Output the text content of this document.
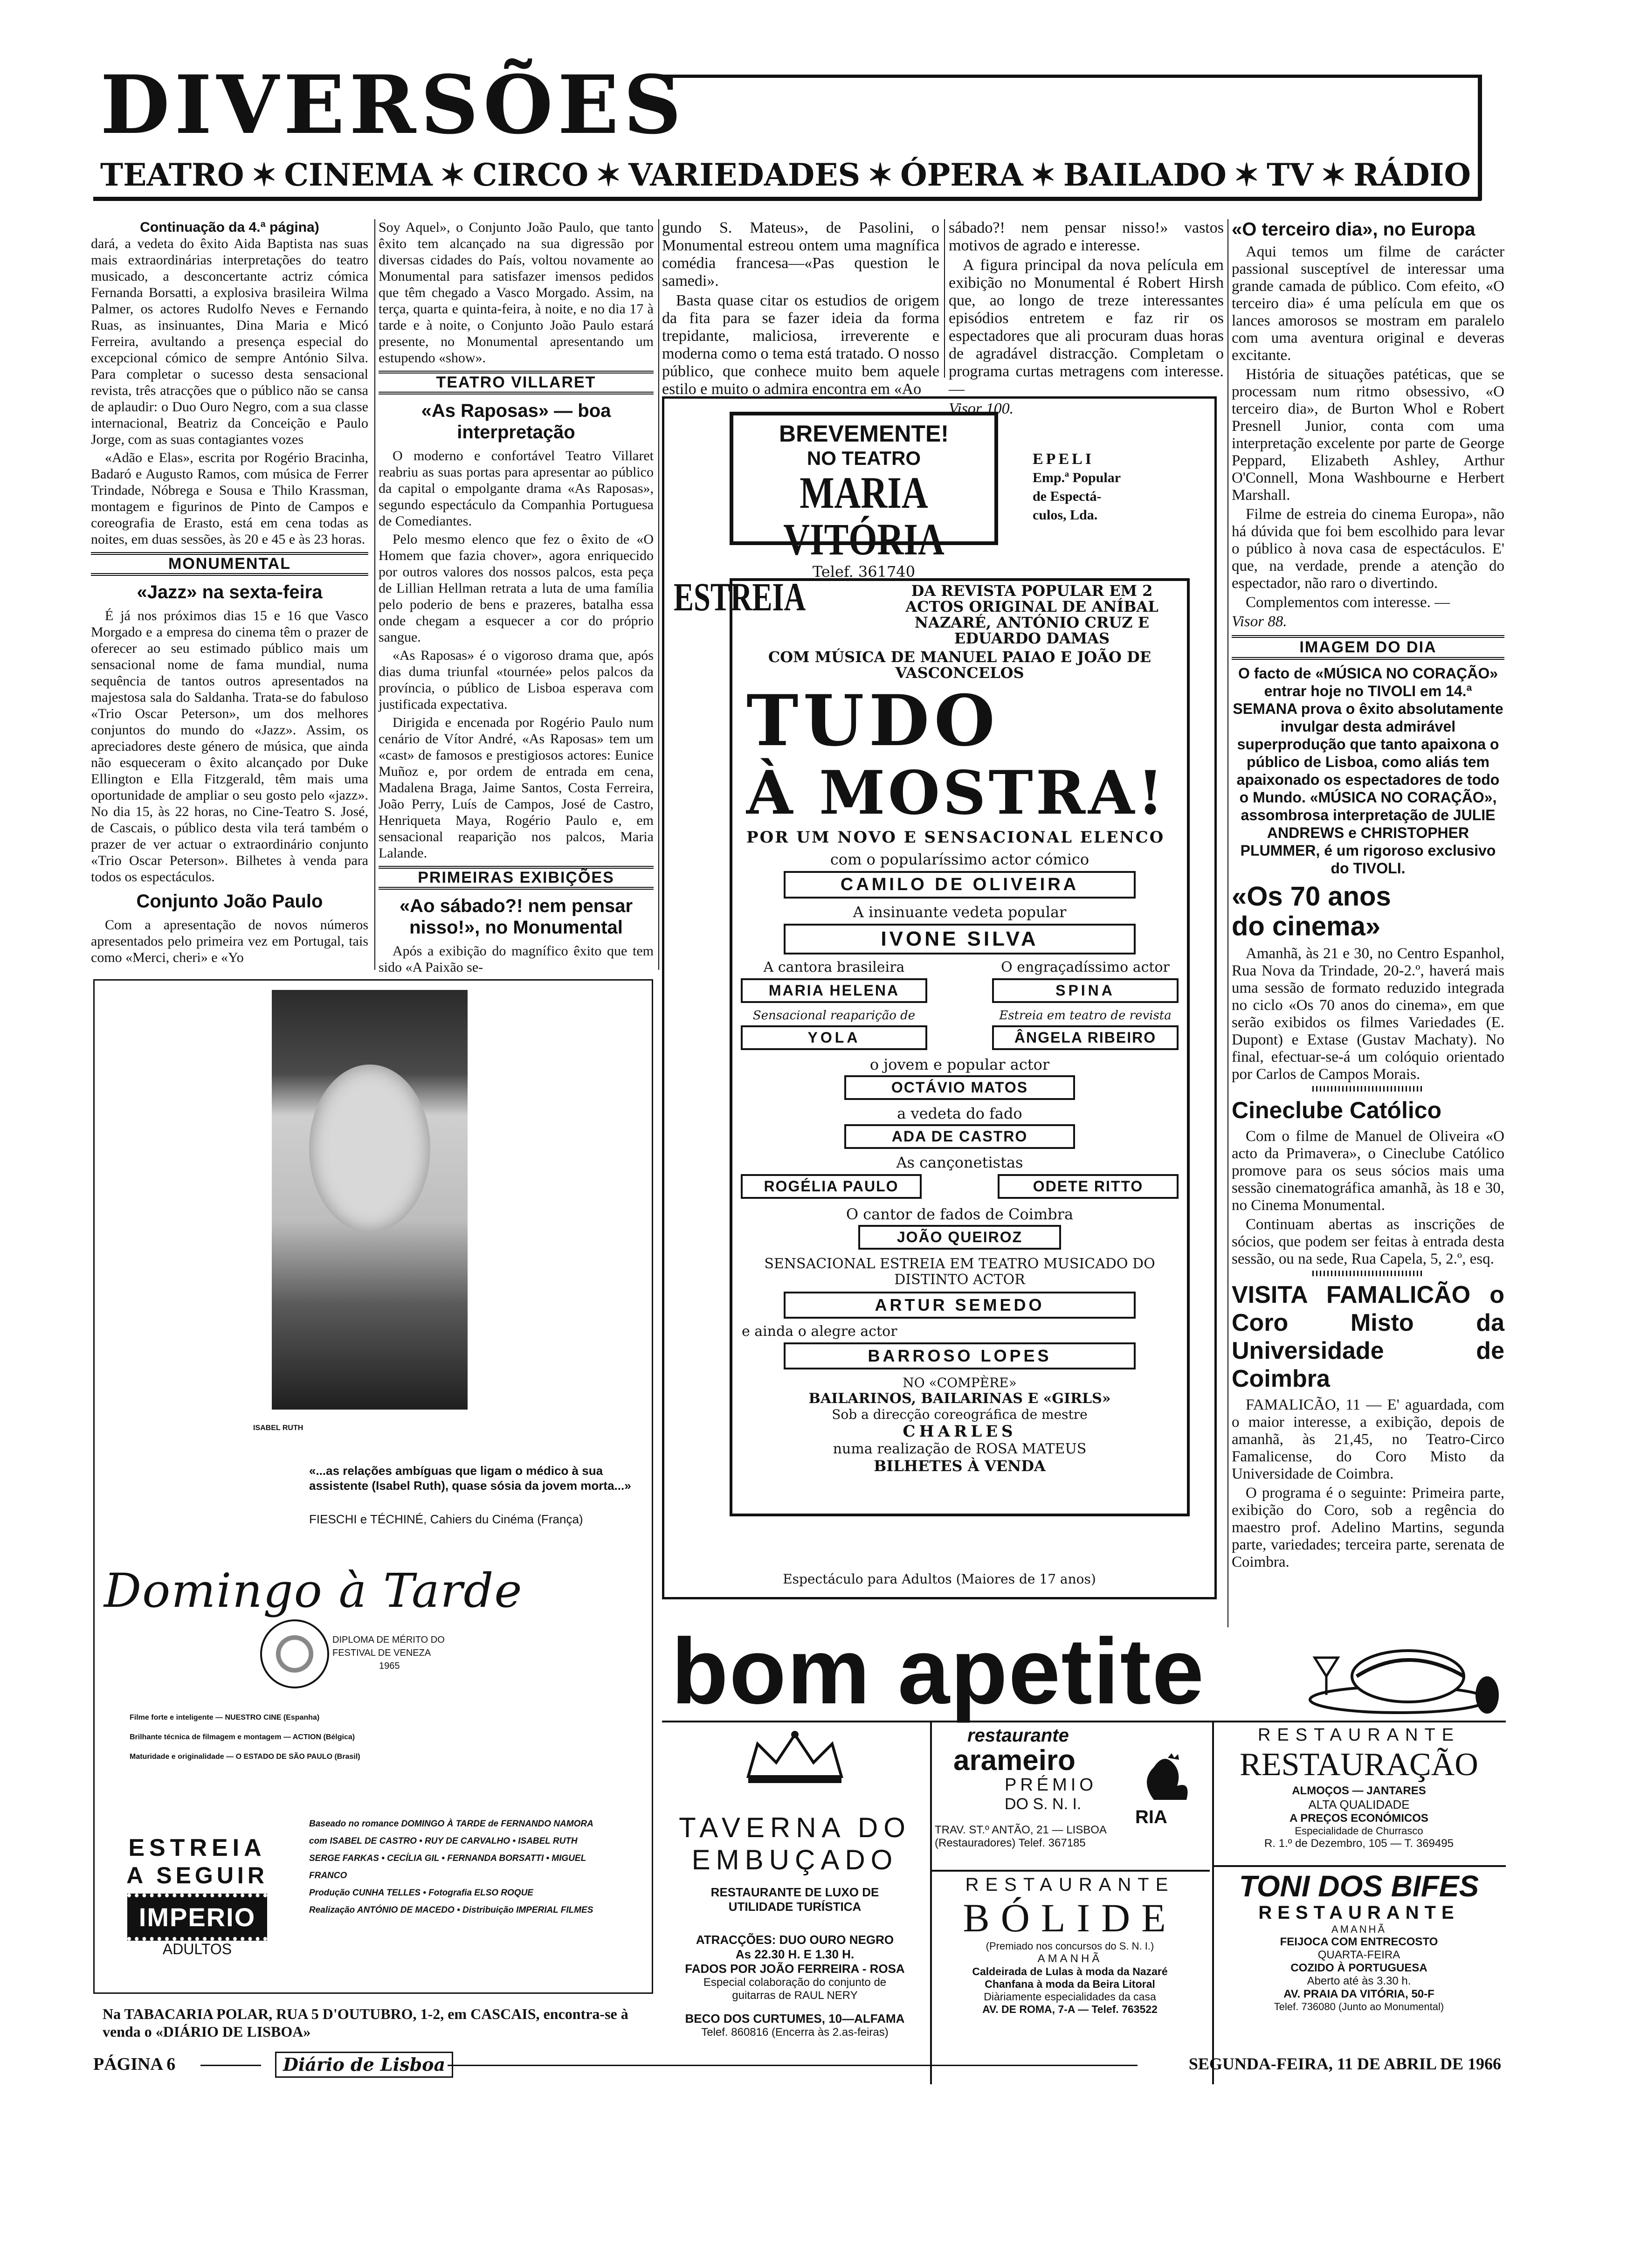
DIVERSÕES
TEATRO ✶ CINEMA ✶ CIRCO ✶ VARIEDADES ✶ ÓPERA ✶ BAILADO ✶ TV ✶ RÁDIO
Continuação da 4.ª página)

dará, a vedeta do êxito Aida Baptista nas suas mais extraordinárias interpretações do teatro musicado, a desconcertante actriz cómica Fernanda Borsatti, a explosiva brasileira Wilma Palmer, os actores Rudolfo Neves e Fernando Ruas, as insinuantes, Dina Maria e Micó Ferreira, avultando a presença especial do excepcional cómico de sempre António Silva. Para completar o sucesso desta sensacional revista, três atracções que o público não se cansa de aplaudir: o Duo Ouro Negro, com a sua classe internacional, Beatriz da Conceição e Paulo Jorge, com as suas contagiantes vozes

«Adão e Elas», escrita por Rogério Bracinha, Badaró e Augusto Ramos, com música de Ferrer Trindade, Nóbrega e Sousa e Thilo Krassman, montagem e figurinos de Pinto de Campos e coreografia de Erasto, está em cena todas as noites, em duas sessões, às 20 e 45 e às 23 horas.

MONUMENTAL
«Jazz» na sexta-feira

É já nos próximos dias 15 e 16 que Vasco Morgado e a empresa do cinema têm o prazer de oferecer ao seu estimado público mais um sensacional nome de fama mundial, numa sequência de tantos outros apresentados na majestosa sala do Saldanha. Trata-se do fabuloso «Trio Oscar Peterson», um dos melhores conjuntos do mundo do «Jazz». Assim, os apreciadores deste género de música, que ainda não esqueceram o êxito alcançado por Duke Ellington e Ella Fitzgerald, têm mais uma oportunidade de ampliar o seu gosto pelo «jazz». No dia 15, às 22 horas, no Cine-Teatro S. José, de Cascais, o público desta vila terá também o prazer de ver actuar o extraordinário conjunto «Trio Oscar Peterson». Bilhetes à venda para todos os espectáculos.

Conjunto João Paulo

Com a apresentação de novos números apresentados pelo primeira vez em Portugal, tais como «Merci, cheri» e «Yo

Soy Aquel», o Conjunto João Paulo, que tanto êxito tem alcançado na sua digressão por diversas cidades do País, voltou novamente ao Monumental para satisfazer imensos pedidos que têm chegado a Vasco Morgado. Assim, na terça, quarta e quinta-feira, à noite, e no dia 17 à tarde e à noite, o Conjunto João Paulo estará presente, no Monumental apresentando um estupendo «show».

TEATRO VILLARET
«As Raposas» — boa interpretação

O moderno e confortável Teatro Villaret reabriu as suas portas para apresentar ao público da capital o empolgante drama «As Raposas», segundo espectáculo da Companhia Portuguesa de Comediantes.

Pelo mesmo elenco que fez o êxito de «O Homem que fazia chover», agora enriquecido por outros valores dos nossos palcos, esta peça de Lillian Hellman retrata a luta de uma família pelo poderio de bens e prazeres, batalha essa onde chegam a esquecer a cor do próprio sangue.

«As Raposas» é o vigoroso drama que, após dias duma triunfal «tournée» pelos palcos da província, o público de Lisboa esperava com justificada expectativa.

Dirigida e encenada por Rogério Paulo num cenário de Vítor André, «As Raposas» tem um «cast» de famosos e prestigiosos actores: Eunice Muñoz e, por ordem de entrada em cena, Madalena Braga, Jaime Santos, Costa Ferreira, João Perry, Luís de Campos, José de Castro, Henriqueta Maya, Rogério Paulo e, em sensacional reaparição nos palcos, Maria Lalande.

PRIMEIRAS EXIBIÇÕES
«Ao sábado?! nem pensar nisso!», no Monumental

Após a exibição do magnífico êxito que tem sido «A Paixão se-

gundo S. Mateus», de Pasolini, o Monumental estreou ontem uma magnífica comédia francesa—«Pas question le samedi».

Basta quase citar os estudios de origem da fita para se fazer ideia da forma trepidante, maliciosa, irreverente e moderna como o tema está tratado. O nosso público, que conhece muito bem aquele estilo e muito o admira encontra em «Ao

sábado?! nem pensar nisso!» vastos motivos de agrado e interesse.

A figura principal da nova película em exibição no Monumental é Robert Hirsh que, ao longo de treze interessantes episódios entretem e faz rir os espectadores que ali procuram duas horas de agradável distracção. Completam o programa curtas metragens com interesse. —

Visor 100.
BREVEMENTE!
NO TEATRO
MARIA VITÓRIA
Telef. 361740
EPELI
Emp.ª Popular
de Espectá-
culos, Lda.
ESTREIA	DA REVISTA POPULAR EM 2 ACTOS ORIGINAL DE ANÍBAL NAZARÉ, ANTÓNIO CRUZ E EDUARDO DAMAS
COM MÚSICA DE MANUEL PAIAO E JOÃO DE VASCONCELOS
TUDO
À MOSTRA!
POR UM NOVO E SENSACIONAL ELENCO
com o popularíssimo actor cómico
CAMILO DE OLIVEIRA
A insinuante vedeta popular
IVONE SILVA
A cantora brasileira
MARIA HELENA
O engraçadíssimo actor
SPINA
Sensacional reaparição de
YOLA
Estreia em teatro de revista
ÂNGELA RIBEIRO
o jovem e popular actor
OCTÁVIO MATOS
a vedeta do fado
ADA DE CASTRO
As cançonetistas
ROGÉLIA PAULO	ODETE RITTO
O cantor de fados de Coimbra
JOÃO QUEIROZ
SENSACIONAL ESTREIA EM TEATRO MUSICADO DO DISTINTO ACTOR
ARTUR SEMEDO
e ainda o alegre actor
BARROSO LOPES
NO «COMPÈRE»
BAILARINOS, BAILARINAS E «GIRLS»
Sob a direcção coreográfica de mestre
CHARLES
numa realização de ROSA MATEUS
BILHETES À VENDA
Espectáculo para Adultos (Maiores de 17 anos)
«O terceiro dia», no Europa

Aqui temos um filme de carácter passional susceptível de interessar uma grande camada de público. Com efeito, «O terceiro dia» é uma película em que os lances amorosos se mostram em paralelo com uma aventura original e deveras excitante.

História de situações patéticas, que se processam num ritmo obsessivo, «O terceiro dia», de Burton Whol e Robert Presnell Junior, conta com uma interpretação excelente por parte de George Peppard, Elizabeth Ashley, Arthur O'Connell, Mona Washbourne e Herbert Marshall.

Filme de estreia do cinema Europa», não há dúvida que foi bem escolhido para levar o público à nova casa de espectáculos. E' que, na verdade, prende a atenção do espectador, não raro o divertindo.

Complementos com interesse. —

Visor 88.
IMAGEM DO DIA

O facto de «MÚSICA NO CORAÇÃO» entrar hoje no TIVOLI em 14.ª SEMANA prova o êxito absolutamente invulgar desta admirável superprodução que tanto apaixona o público de Lisboa, como aliás tem apaixonado os espectadores de todo o Mundo. «MÚSICA NO CORAÇÃO», assombrosa interpretação de JULIE ANDREWS e CHRISTOPHER PLUMMER, é um rigoroso exclusivo do TIVOLI.

«Os 70 anos
do cinema»

Amanhã, às 21 e 30, no Centro Espanhol, Rua Nova da Trindade, 20-2.º, haverá mais uma sessão de formato reduzido integrada no ciclo «Os 70 anos do cinema», em que serão exibidos os filmes Variedades (E. Dupont) e Extase (Gustav Machaty). No final, efectuar-se-á um colóquio orientado por Carlos de Campos Morais.

Cineclube Católico

Com o filme de Manuel de Oliveira «O acto da Primavera», o Cineclube Católico promove para os seus sócios mais uma sessão cinematográfica amanhã, às 18 e 30, no Cinema Monumental.

Continuam abertas as inscrições de sócios, que podem ser feitas à entrada desta sessão, ou na sede, Rua Capela, 5, 2.º, esq.

VISITA FAMALICÃO o Coro Misto da Universidade de Coimbra

FAMALICÃO, 11 — E' aguardada, com o maior interesse, a exibição, depois de amanhã, às 21,45, no Teatro-Circo Famalicense, do Coro Misto da Universidade de Coimbra.

O programa é o seguinte: Primeira parte, exibição do Coro, sob a regência do maestro prof. Adelino Martins, segunda parte, variedades; terceira parte, serenata de Coimbra.

ISABEL RUTH
«...as relações ambíguas que ligam o médico à sua assistente (Isabel Ruth), quase sósia da jovem morta...»
FIESCHI e TÉCHINÉ, Cahiers du Cinéma (França)
Domingo à Tarde
DIPLOMA DE MÉRITO DO
FESTIVAL DE VENEZA
1965
Filme forte e inteligente — NUESTRO CINE (Espanha)
Brilhante técnica de filmagem e montagem — ACTION (Bélgica)
Maturidade e originalidade — O ESTADO DE SÃO PAULO (Brasil)
ESTREIA
A SEGUIR
IMPERIO
ADULTOS
Baseado no romance DOMINGO À TARDE de FERNANDO NAMORA
com ISABEL DE CASTRO • RUY DE CARVALHO • ISABEL RUTH
SERGE FARKAS • CECÍLIA GIL • FERNANDA BORSATTI • MIGUEL FRANCO
Produção CUNHA TELLES • Fotografia ELSO ROQUE
Realização ANTÓNIO DE MACEDO • Distribuição IMPERIAL FILMES
bom apetite
TAVERNA DO
EMBUÇADO
RESTAURANTE DE LUXO DE UTILIDADE TURÍSTICA
ATRACÇÕES: DUO OURO NEGRO As 22.30 H. E 1.30 H.
FADOS POR JOÃO FERREIRA - ROSA
Especial colaboração do conjunto de guitarras de RAUL NERY
BECO DOS CURTUMES, 10—ALFAMA
Telef. 860816 (Encerra às 2.as-feiras)
restaurante
arameiro
PRÉMIO
DO S. N. I.
RIA
TRAV. ST.º ANTÃO, 21 — LISBOA
(Restauradores) Telef. 367185
RESTAURANTE
BÓLIDE
(Premiado nos concursos do S. N. I.)
AMANHÃ
Caldeirada de Lulas à moda da Nazaré
Chanfana à moda da Beira Litoral
Diàriamente especialidades da casa
AV. DE ROMA, 7-A — Telef. 763522
RESTAURANTE
RESTAURAÇÃO
ALMOÇOS — JANTARES
ALTA QUALIDADE
A PREÇOS ECONÓMICOS
Especialidade de Churrasco
R. 1.º de Dezembro, 105 — T. 369495
TONI DOS BIFES
RESTAURANTE
AMANHÃ
FEIJOCA COM ENTRECOSTO
QUARTA-FEIRA
COZIDO À PORTUGUESA
Aberto até às 3.30 h.
AV. PRAIA DA VITÓRIA, 50-F
Telef. 736080 (Junto ao Monumental)
Na TABACARIA POLAR, RUA 5 D'OUTUBRO, 1-2, em CASCAIS, encontra-se à venda o «DIÁRIO DE LISBOA»
PÁGINA 6	Diário de Lisboa	SEGUNDA-FEIRA, 11 DE ABRIL DE 1966
